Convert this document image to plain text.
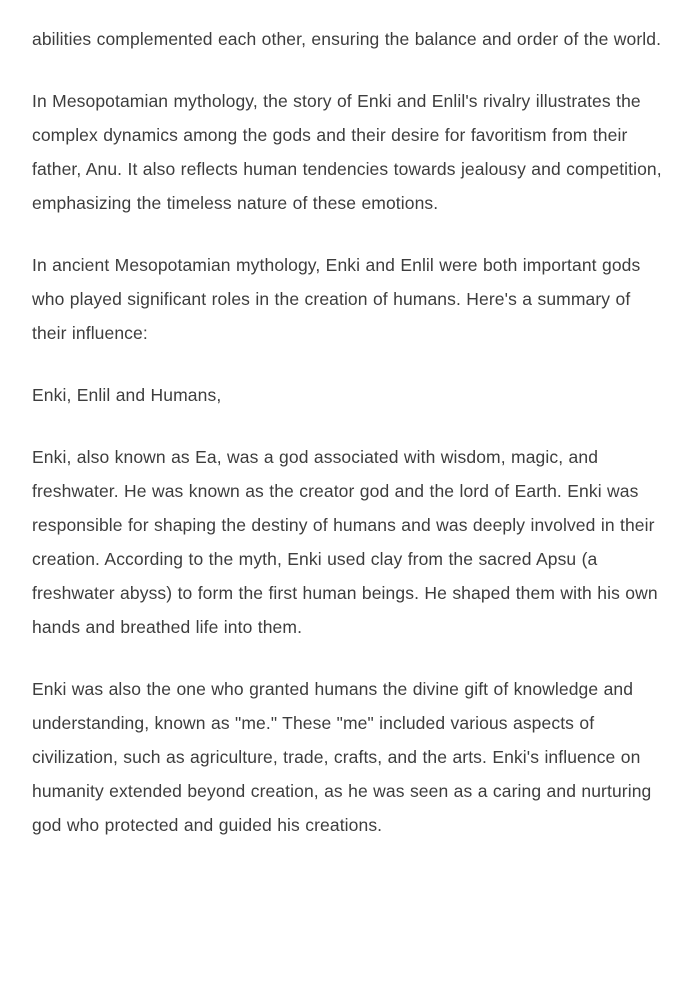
abilities complemented each other, ensuring the balance and order of the world.

In Mesopotamian mythology, the story of Enki and Enlil's rivalry illustrates the complex dynamics among the gods and their desire for favoritism from their father, Anu. It also reflects human tendencies towards jealousy and competition, emphasizing the timeless nature of these emotions.

In ancient Mesopotamian mythology, Enki and Enlil were both important gods who played significant roles in the creation of humans. Here's a summary of their influence:

Enki, Enlil and Humans,

Enki, also known as Ea, was a god associated with wisdom, magic, and freshwater. He was known as the creator god and the lord of Earth. Enki was responsible for shaping the destiny of humans and was deeply involved in their creation. According to the myth, Enki used clay from the sacred Apsu (a freshwater abyss) to form the first human beings. He shaped them with his own hands and breathed life into them.

Enki was also the one who granted humans the divine gift of knowledge and understanding, known as "me." These "me" included various aspects of civilization, such as agriculture, trade, crafts, and the arts. Enki's influence on humanity extended beyond creation, as he was seen as a caring and nurturing god who protected and guided his creations.
